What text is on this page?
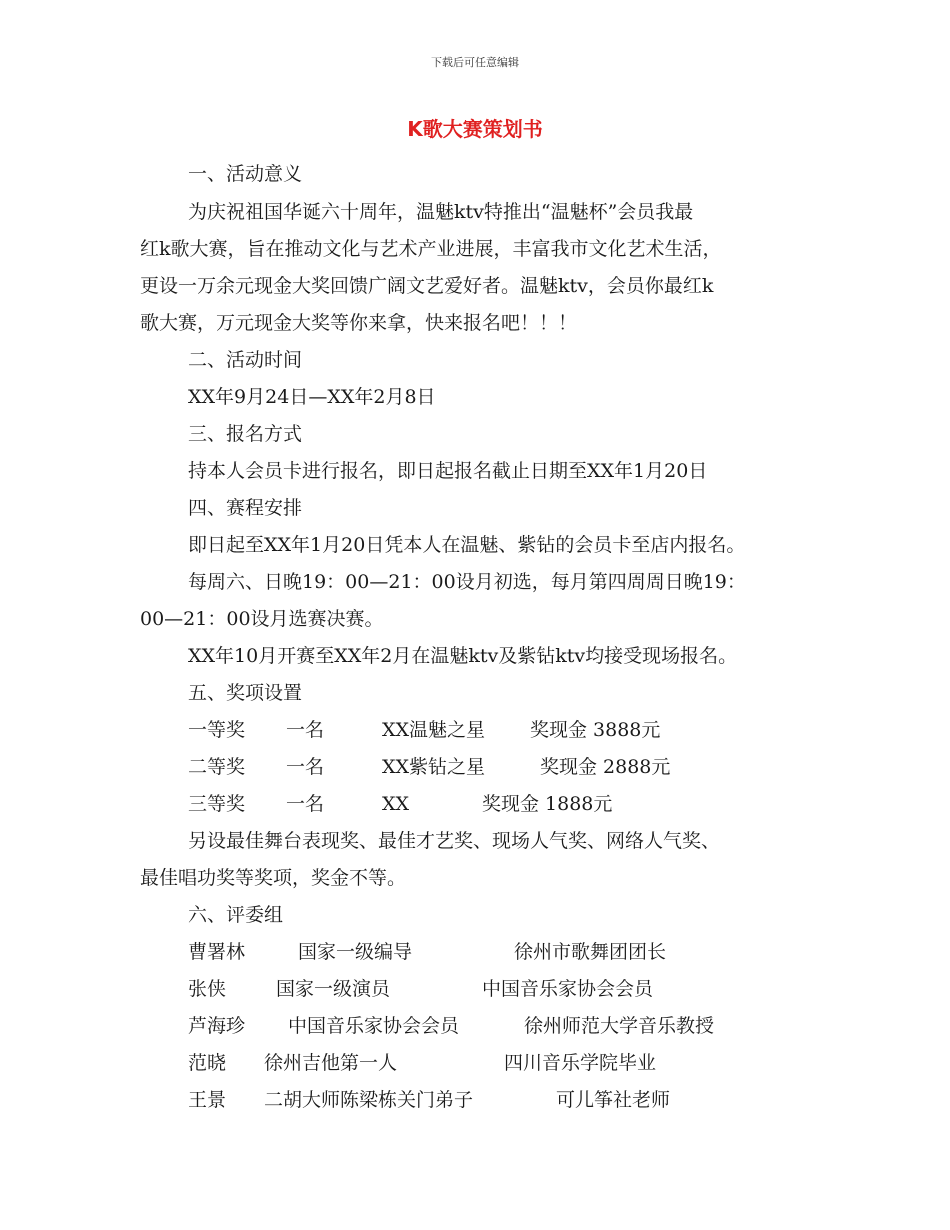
下载后可任意编辑
K歌大赛策划书
一、活动意义
为庆祝祖国华诞六十周年，温魅ktv特推出“温魅杯”会员我最
红k歌大赛，旨在推动文化与艺术产业进展，丰富我市文化艺术生活，
更设一万余元现金大奖回馈广阔文艺爱好者。温魅ktv，会员你最红k
歌大赛，万元现金大奖等你来拿，快来报名吧！！！
二、活动时间
XX年9月24日—XX年2月8日
三、报名方式
持本人会员卡进行报名，即日起报名截止日期至XX年1月20日
四、赛程安排
即日起至XX年1月20日凭本人在温魅、紫钻的会员卡至店内报名。
每周六、日晚19：00—21：00设月初选，每月第四周周日晚19：
00—21：00设月选赛决赛。
XX年10月开赛至XX年2月在温魅ktv及紫钻ktv均接受现场报名。
五、奖项设置
一等奖 一名	XX温魅之星 奖现金 3888元
二等奖 一名	XX紫钻之星	奖现金 2888元
三等奖 一名	XX	奖现金 1888元
另设最佳舞台表现奖、最佳才艺奖、现场人气奖、网络人气奖、
最佳唱功奖等奖项，奖金不等。
六、评委组
曹署林	国家一级编导	徐州市歌舞团团长
张侠	国家一级演员	中国音乐家协会会员
芦海珍 中国音乐家协会会员	徐州师范大学音乐教授
范晓 徐州吉他第一人	四川音乐学院毕业
王景 二胡大师陈梁栋关门弟子	可儿筝社老师
